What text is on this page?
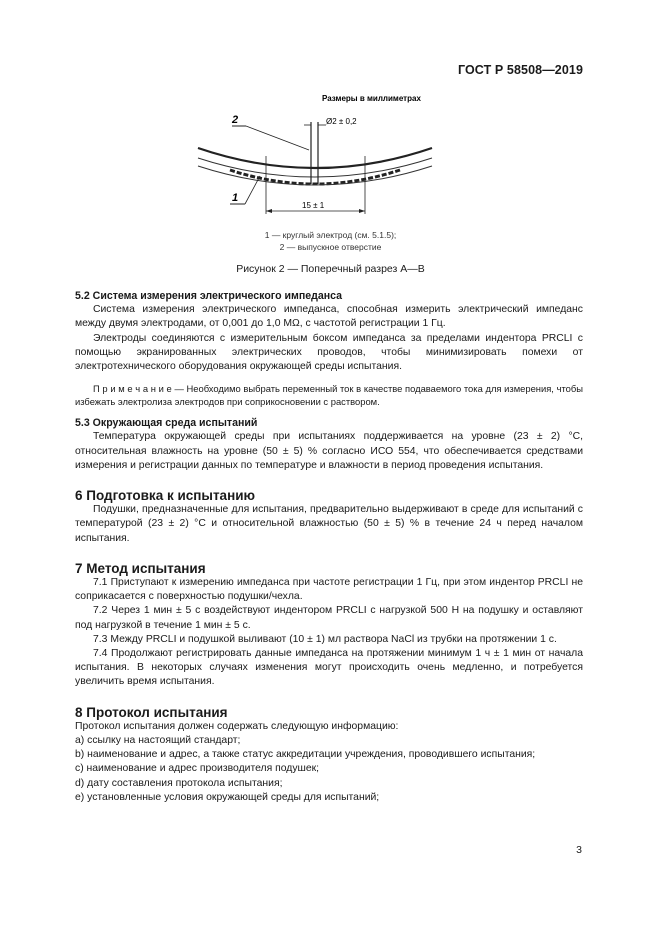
ГОСТ Р 58508—2019
Размеры в миллиметрах
Ø2 ± 0,2
2
1
15 ± 1
1 — круглый электрод (см. 5.1.5);
2 — выпускное отверстие
Рисунок 2 — Поперечный разрез А—В

5.2 Система измерения электрического импеданса

Система измерения электрического импеданса, способная измерить электрический импеданс между двумя электродами, от 0,001 до 1,0 MΩ, с частотой регистрации 1 Гц.

Электроды соединяются с измерительным боксом импеданса за пределами индентора PRCLI с помощью экранированных электрических проводов, чтобы минимизировать помехи от электротехнического оборудования окружающей среды испытания.

П р и м е ч а н и е — Необходимо выбрать переменный ток в качестве подаваемого тока для измерения, чтобы избежать электролиза электродов при соприкосновении с раствором.

5.3 Окружающая среда испытаний

Температура окружающей среды при испытаниях поддерживается на уровне (23 ± 2) °С, относительная влажность на уровне (50 ± 5) % согласно ИСО 554, что обеспечивается средствами измерения и регистрации данных по температуре и влажности в период проведения испытания.

6 Подготовка к испытанию

Подушки, предназначенные для испытания, предварительно выдерживают в среде для испытаний с температурой (23 ± 2) °С и относительной влажностью (50 ± 5) % в течение 24 ч перед началом испытания.

7 Метод испытания

7.1 Приступают к измерению импеданса при частоте регистрации 1 Гц, при этом индентор PRCLI не соприкасается с поверхностью подушки/чехла.

7.2 Через 1 мин ± 5 с воздействуют индентором PRCLI с нагрузкой 500 Н на подушку и оставляют под нагрузкой в течение 1 мин ± 5 с.

7.3 Между PRCLI и подушкой выливают (10 ± 1) мл раствора NaCl из трубки на протяжении 1 с.

7.4 Продолжают регистрировать данные импеданса на протяжении минимум 1 ч ± 1 мин от начала испытания. В некоторых случаях изменения могут происходить очень медленно, и потребуется увеличить время испытания.

8 Протокол испытания

Протокол испытания должен содержать следующую информацию:

a) ссылку на настоящий стандарт;

b) наименование и адрес, а также статус аккредитации учреждения, проводившего испытания;

c) наименование и адрес производителя подушек;

d) дату составления протокола испытания;

e) установленные условия окружающей среды для испытаний;

3
